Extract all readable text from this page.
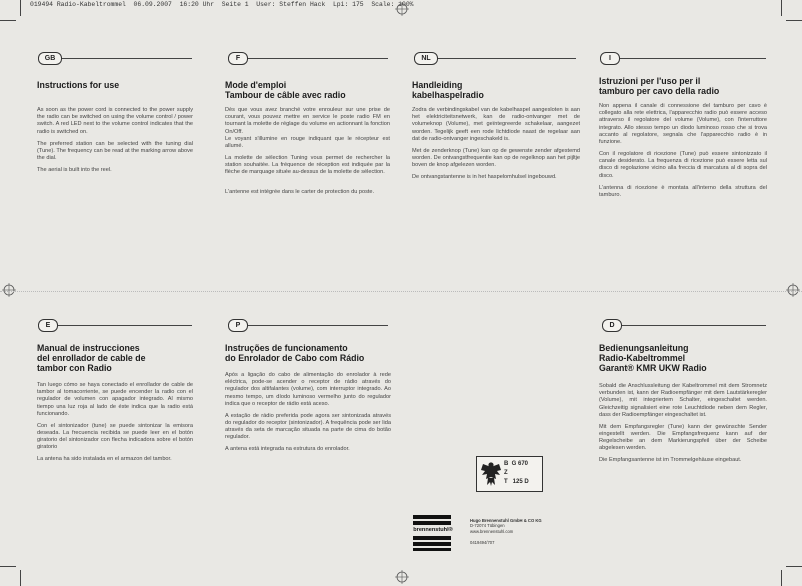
019494 Radio-Kabeltrommel  06.09.2007  16:20 Uhr  Seite 1  User: Steffen Hack  Lpi: 175  Scale: 100%
GB
Instructions for use

As soon as the power cord is connected to the power supply the radio can be switched on using the volume control / power switch. A red LED next to the volume control indicates that the radio is switched on.

The preferred station can be selected with the tuning dial (Tune). The frequency can be read at the marking arrow above the dial.

The aerial is built into the reel.

F
Mode d'emploi
Tambour de câble avec radio

Dès que vous avez branché votre enrouleur sur une prise de courant, vous pouvez mettre en service le poste radio FM en tournant la molette de réglage du volume en actionnant la fonction On/Off.
Le voyant s'illumine en rouge indiquant que le récepteur est allumé.

La molette de sélection Tuning vous permet de rechercher la station souhaitée. La fréquence de réception est indiquée par la flèche de marquage située au-dessus de la molette de sélection.

L'antenne est intégrée dans le carter de protection du poste.

NL
Handleiding
kabelhaspelradio

Zodra de verbindingskabel van de kabelhaspel aangesloten is aan het elektriciteitsnetwerk, kan de radio-ontvanger met de volumeknop (Volume), met geïntegreerde schakelaar, aangezet worden. Tegelijk geeft een rode lichtdiode naast de regelaar aan dat de radio-ontvanger ingeschakeld is.

Met de zenderknop (Tune) kan op de gewenste zender afgestemd worden. De ontvangstfrequentie kan op de regelknop aan het pijltje boven de knop afgelezen worden.

De ontvangstantenne is in het haspelomhulsel ingebouwd.

I
Istruzioni per l'uso per il
tamburo per cavo della radio

Non appena il canale di connessione del tamburo per cavo è collegato alla rete elettrica, l'apparecchio radio può essere acceso attraverso il regolatore del volume (Volume), con l'interruttore integrato. Allo stesso tempo un diodo luminoso rosso che si trova accanto al regolatore, segnala che l'apparecchio radio è in funzione.

Con il regolatore di ricezione (Tune) può essere sintonizzato il canale desiderato. La frequenza di ricezione può essere letta sul disco di regolazione vicino alla freccia di marcatura al di sopra del disco.

L'antenna di ricezione è montata all'interno della struttura del tamburo.

E
Manual de instrucciones
del enrollador de cable de
tambor con Radio

Tan luego cómo se haya conectado el enrollador de cable de tambor al tomacorriente, se puede encender la radio con el regulador de volumen con apagador integrado. Al mismo tiempo una luz roja al lado de éste indica que la radio está funcionando.

Con el sintonizador (tune) se puede sintonizar la emisora deseada. La frecuencia recibida se puede leer en el botón giratorio del sintonizador con flecha indicadora sobre el botón giratorio

La antena ha sido instalada en el armazon del tambor.

P
Instruções de funcionamento
do Enrolador de Cabo com Rádio

Após a ligação do cabo de alimentação do enrolador à rede eléctrica, pode-se acender o receptor de rádio através do regulador dos altifalantes (volume), com interruptor integrado. Ao mesmo tempo, um díodo luminoso vermelho junto do regulador indica que o receptor de rádio está aceso.

A estação de rádio preferida pode agora ser sintonizada através do regulador do receptor (sintonizador). A frequência pode ser lida através da seta de marcação situada na parte de cima do botão regulador.

A antena está integrada na estrutura do enrolador.

B  G 670
Z
T   125 D
brennenstuhl®
Hugo Brennenstuhl GmbH & CO KG
D-72074 Tübingen
www.brennenstuhl.com
0419494/707
D
Bedienungsanleitung
Radio-Kabeltrommel
Garant® KMR UKW Radio

Sobald die Anschlussleitung der Kabeltrommel mit dem Stromnetz verbunden ist, kann der Radioempfänger mit dem Lautstärkeregler (Volume), mit integriertem Schalter, eingeschaltet werden. Gleichzeitig signalisiert eine rote Leuchtdiode neben dem Regler, dass der Radioempfänger eingeschaltet ist.

Mit dem Empfangsregler (Tune) kann der gewünschte Sender eingestellt werden. Die Empfangsfrequenz kann auf der Regelscheibe an dem Markierungspfeil über der Scheibe abgelesen werden.

Die Empfangsantenne ist im Trommelgehäuse eingebaut.
